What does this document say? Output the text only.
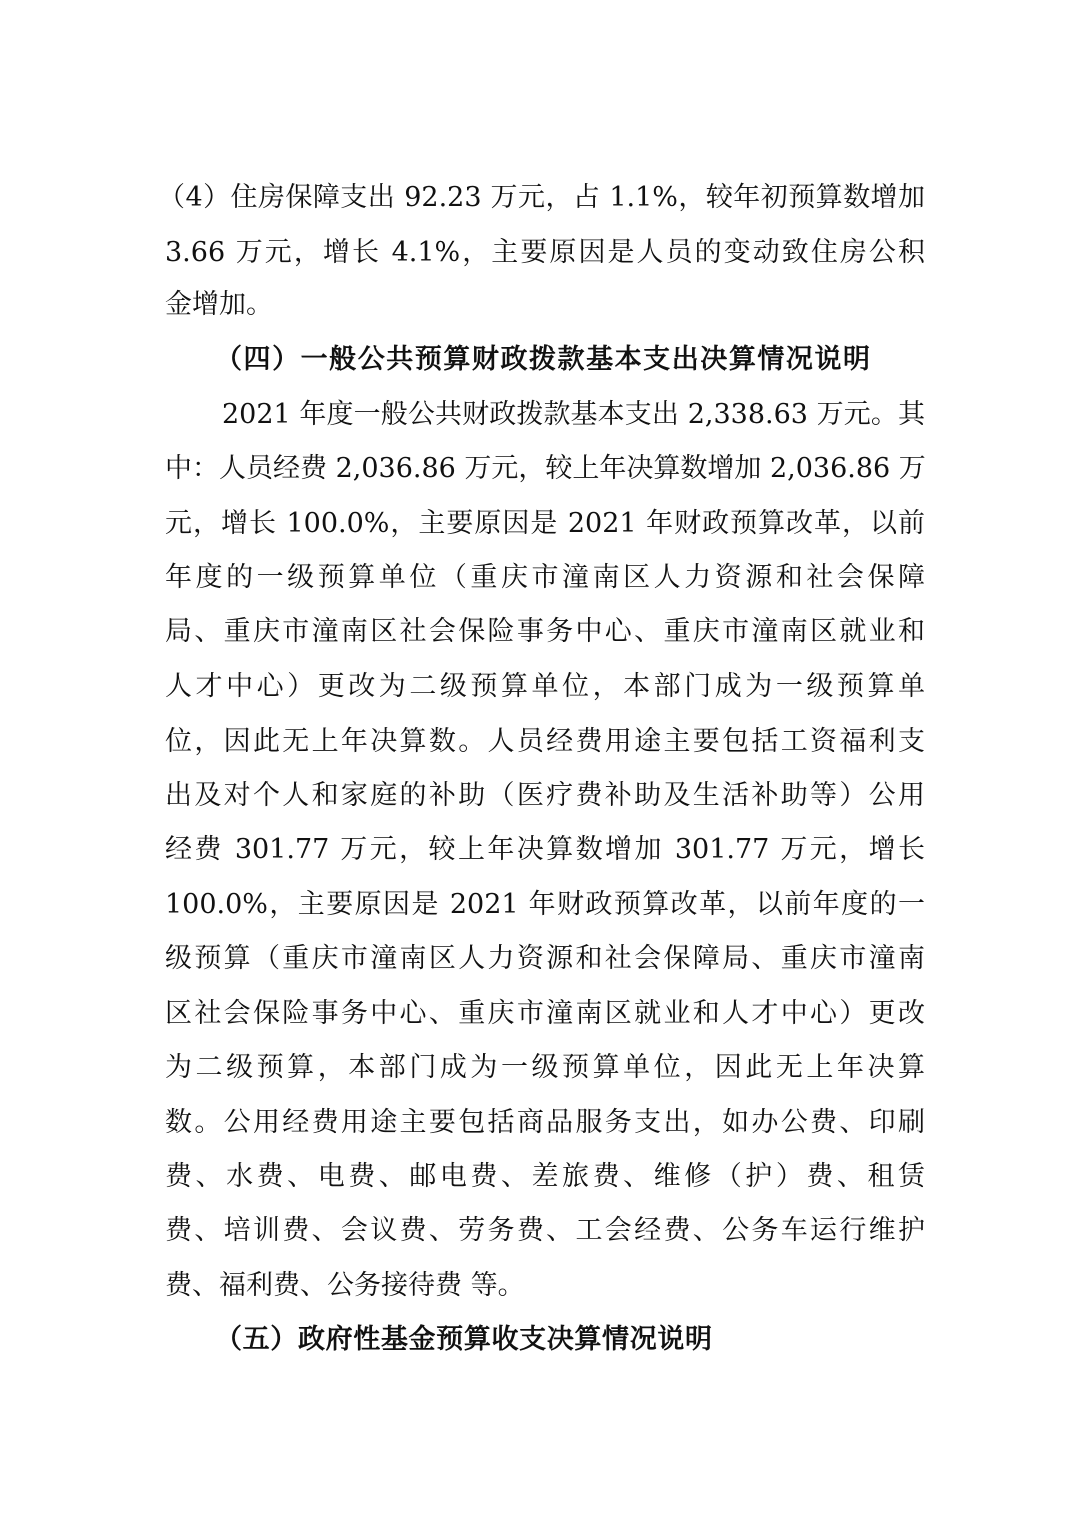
（4）住房保障支出 92.23 万元，占 1.1%，较年初预算数增加
3.66 万元，增长 4.1%，主要原因是人员的变动致住房公积
金增加。
（四）一般公共预算财政拨款基本支出决算情况说明
2021 年度一般公共财政拨款基本支出 2,338.63 万元。其
中：人员经费 2,036.86 万元，较上年决算数增加 2,036.86 万
元，增长 100.0%，主要原因是 2021 年财政预算改革，以前
年度的一级预算单位（重庆市潼南区人力资源和社会保障
局、重庆市潼南区社会保险事务中心、重庆市潼南区就业和
人才中心）更改为二级预算单位，本部门成为一级预算单
位，因此无上年决算数。人员经费用途主要包括工资福利支
出及对个人和家庭的补助（医疗费补助及生活补助等）公用
经费 301.77 万元，较上年决算数增加 301.77 万元，增长
100.0%，主要原因是 2021 年财政预算改革，以前年度的一
级预算（重庆市潼南区人力资源和社会保障局、重庆市潼南
区社会保险事务中心、重庆市潼南区就业和人才中心）更改
为二级预算，本部门成为一级预算单位，因此无上年决算
数。公用经费用途主要包括商品服务支出，如办公费、印刷
费、水费、电费、邮电费、差旅费、维修（护）费、租赁
费、培训费、会议费、劳务费、工会经费、公务车运行维护
费、福利费、公务接待费 等。
（五）政府性基金预算收支决算情况说明
